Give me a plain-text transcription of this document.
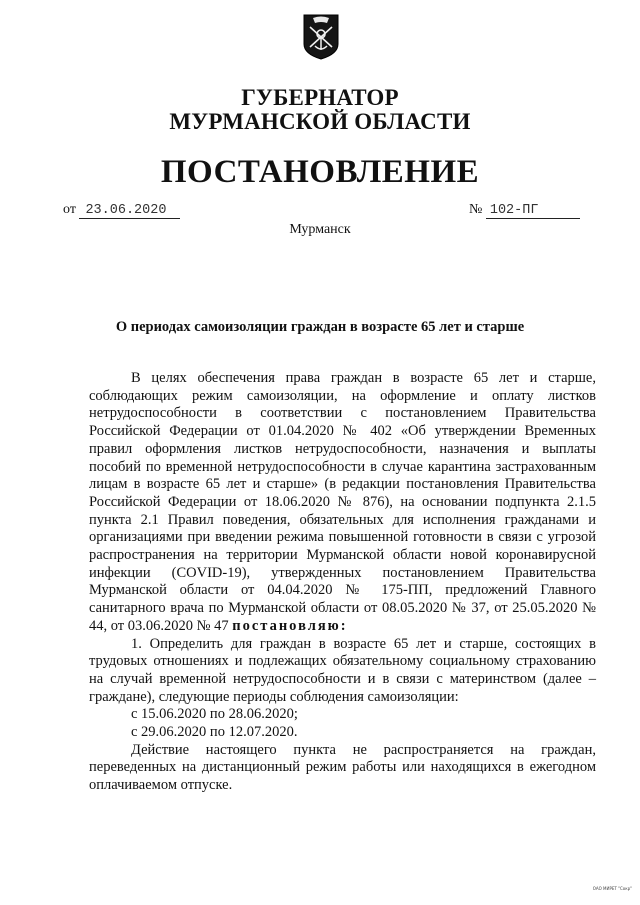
ГУБЕРНАТОР
МУРМАНСКОЙ ОБЛАСТИ
ПОСТАНОВЛЕНИЕ
от 23.06.2020	№ 102-ПГ
Мурманск
О периодах самоизоляции граждан в возрасте 65 лет и старше

В целях обеспечения права граждан в возрасте 65 лет и старше, соблюдающих режим самоизоляции, на оформление и оплату листков нетрудоспособности в соответствии с постановлением Правительства Российской Федерации от 01.04.2020 № 402 «Об утверждении Временных правил оформления листков нетрудоспособности, назначения и выплаты пособий по временной нетрудоспособности в случае карантина застрахованным лицам в возрасте 65 лет и старше» (в редакции постановления Правительства Российской Федерации от 18.06.2020 № 876), на основании подпункта 2.1.5 пункта 2.1 Правил поведения, обязательных для исполнения гражданами и организациями при введении режима повышенной готовности в связи с угрозой распространения на территории Мурманской области новой коронавирусной инфекции (COVID-19), утвержденных постановлением Правительства Мурманской области от 04.04.2020 № 175-ПП, предложений Главного санитарного врача по Мурманской области от 08.05.2020 № 37, от 25.05.2020 № 44, от 03.06.2020 № 47 постановляю:

1. Определить для граждан в возрасте 65 лет и старше, состоящих в трудовых отношениях и подлежащих обязательному социальному страхованию на случай временной нетрудоспособности и в связи с материнством (далее – граждане), следующие периоды соблюдения самоизоляции:

с 15.06.2020 по 28.06.2020;

с 29.06.2020 по 12.07.2020.

Действие настоящего пункта не распространяется на граждан, переведенных на дистанционный режим работы или находящихся в ежегодном оплачиваемом отпуске.

ОАО МИРЕТ "Сокр"
